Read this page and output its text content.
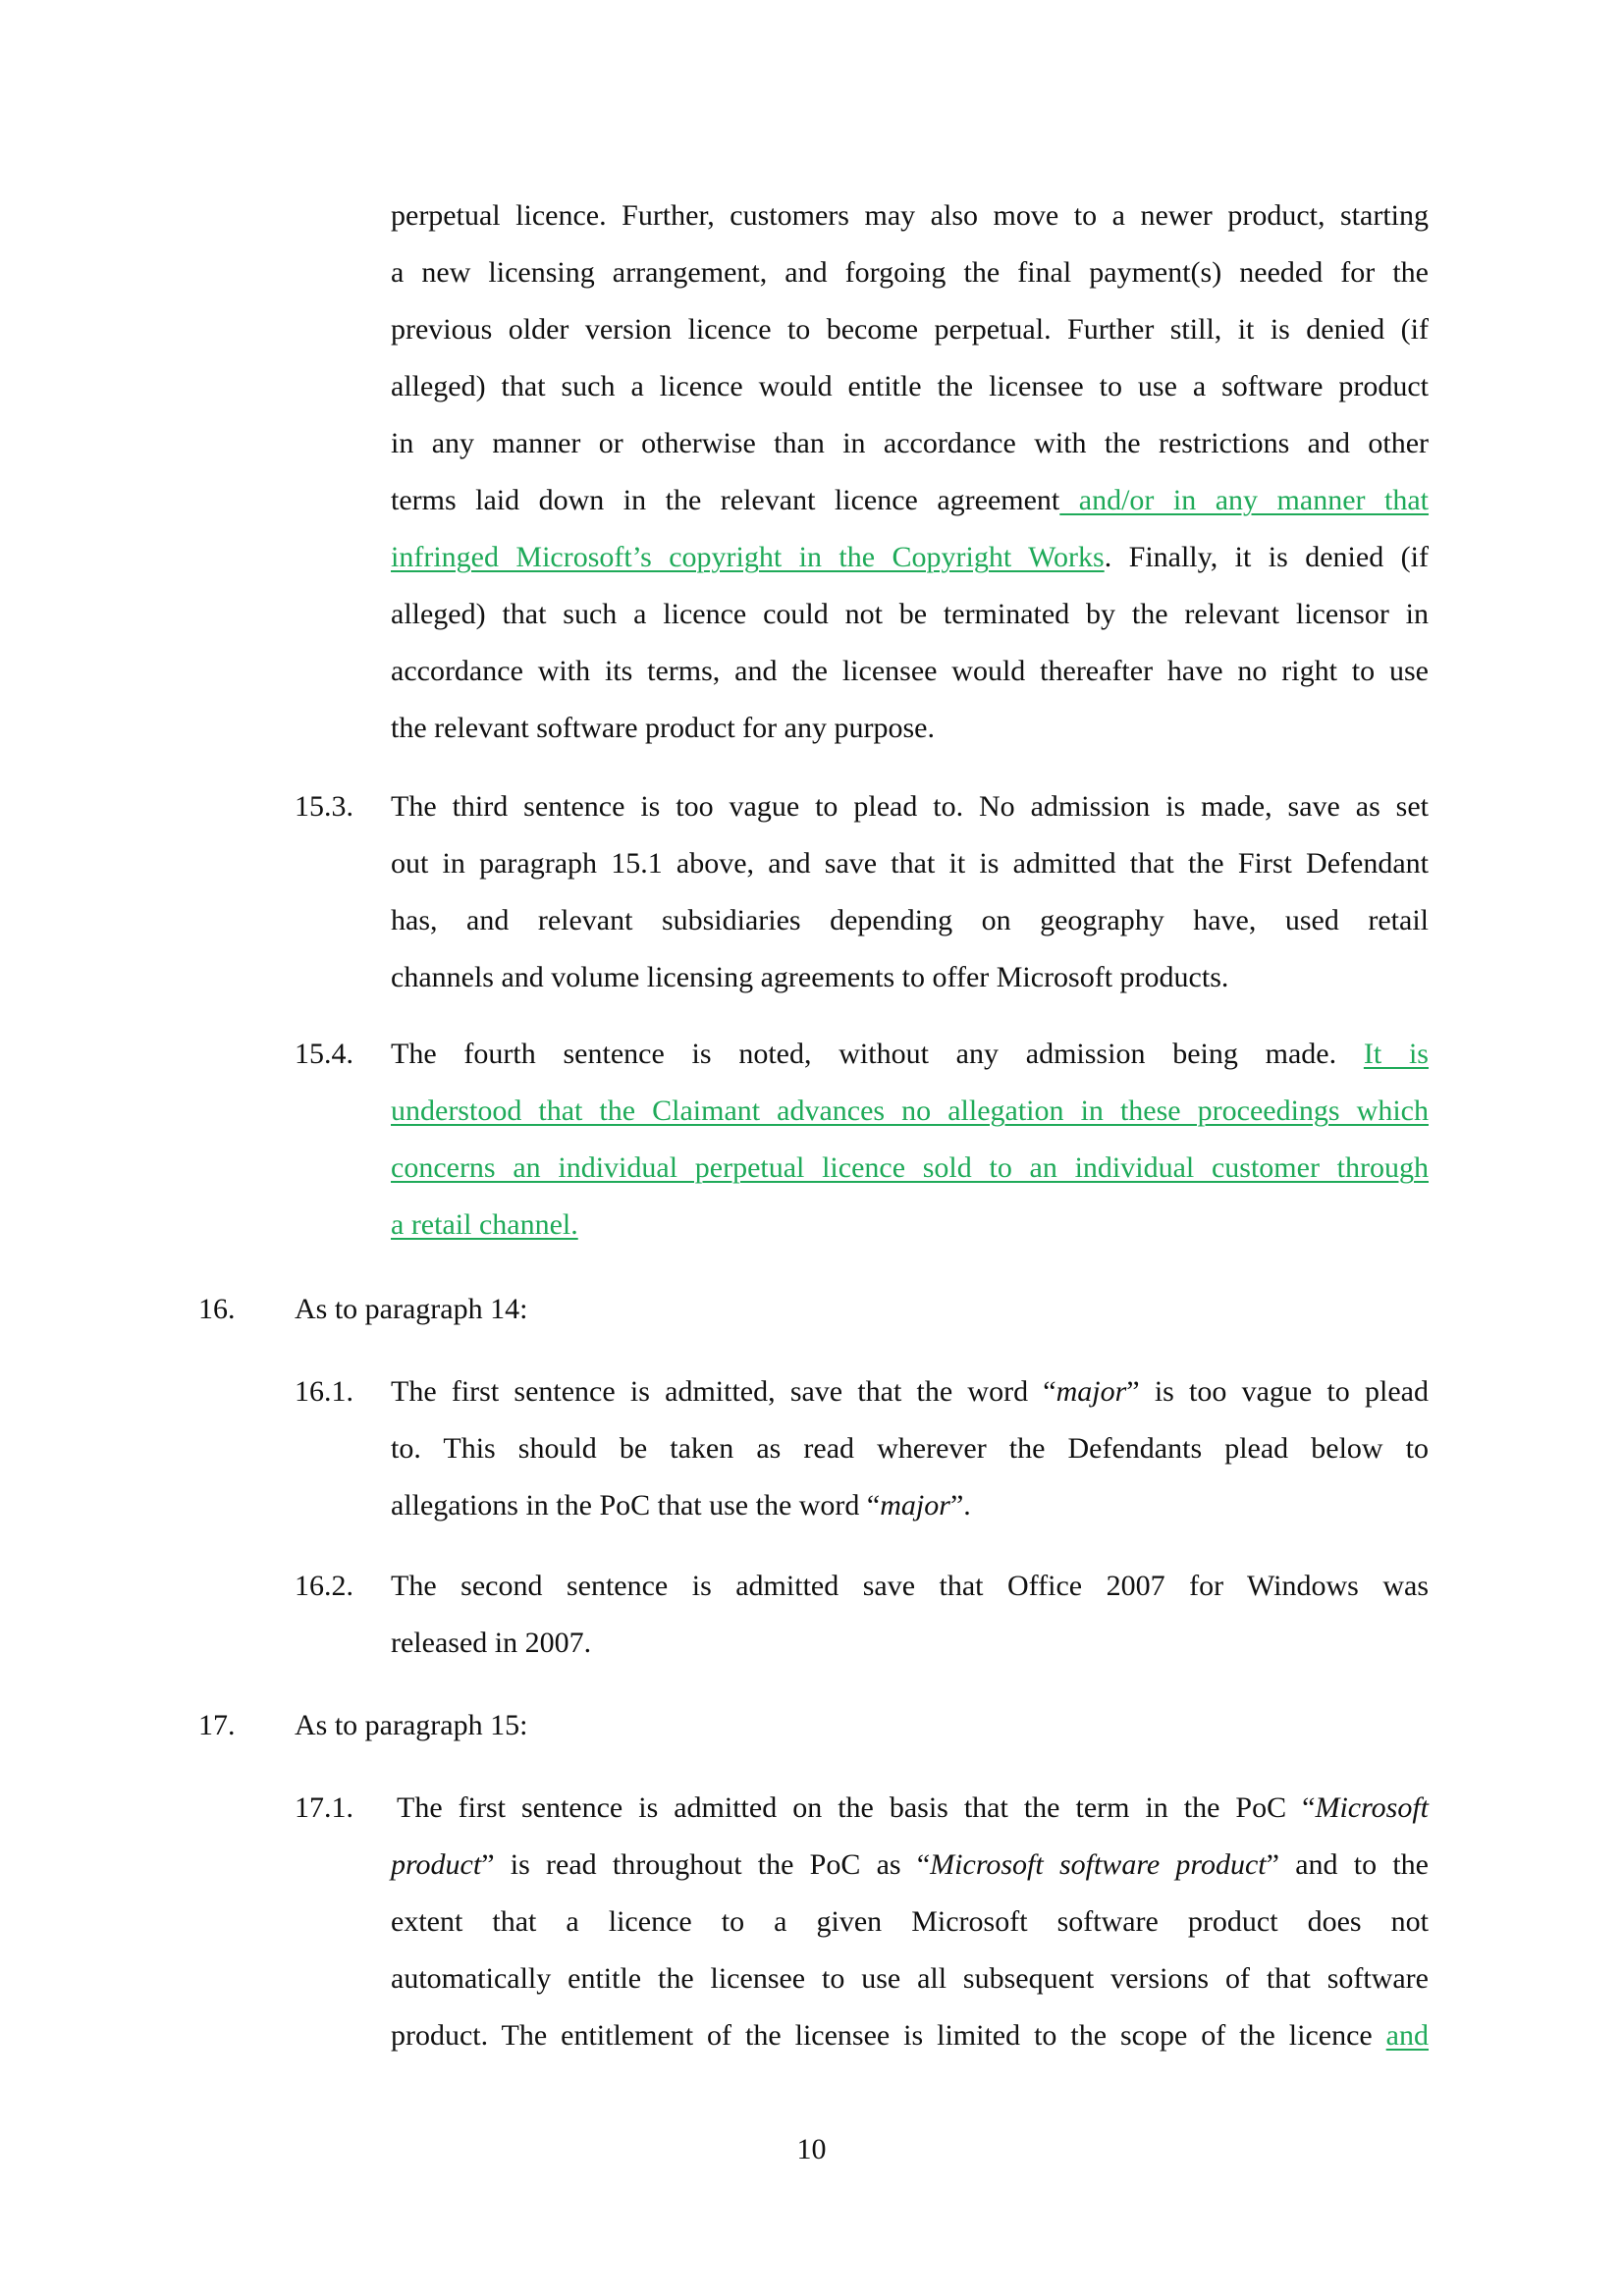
perpetual licence. Further, customers may also move to a newer product, starting
a new licensing arrangement, and forgoing the final payment(s) needed for the
previous older version licence to become perpetual. Further still, it is denied (if
alleged) that such a licence would entitle the licensee to use a software product
in any manner or otherwise than in accordance with the restrictions and other
terms laid down in the relevant licence agreement and/or in any manner that
infringed Microsoft’s copyright in the Copyright Works. Finally, it is denied (if
alleged) that such a licence could not be terminated by the relevant licensor in
accordance with its terms, and the licensee would thereafter have no right to use
the relevant software product for any purpose.
15.3. The third sentence is too vague to plead to. No admission is made, save as set
out in paragraph 15.1 above, and save that it is admitted that the First Defendant
has, and relevant subsidiaries depending on geography have, used retail
channels and volume licensing agreements to offer Microsoft products.
15.4. The fourth sentence is noted, without any admission being made. It is
understood that the Claimant advances no allegation in these proceedings which
concerns an individual perpetual licence sold to an individual customer through
a retail channel.
16. As to paragraph 14:
16.1. The first sentence is admitted, save that the word “major” is too vague to plead
to. This should be taken as read wherever the Defendants plead below to
allegations in the PoC that use the word “major”.
16.2. The second sentence is admitted save that Office 2007 for Windows was
released in 2007.
17. As to paragraph 15:
17.1. The first sentence is admitted on the basis that the term in the PoC “Microsoft
product” is read throughout the PoC as “Microsoft software product” and to the
extent that a licence to a given Microsoft software product does not
automatically entitle the licensee to use all subsequent versions of that software
product. The entitlement of the licensee is limited to the scope of the licence and
10
